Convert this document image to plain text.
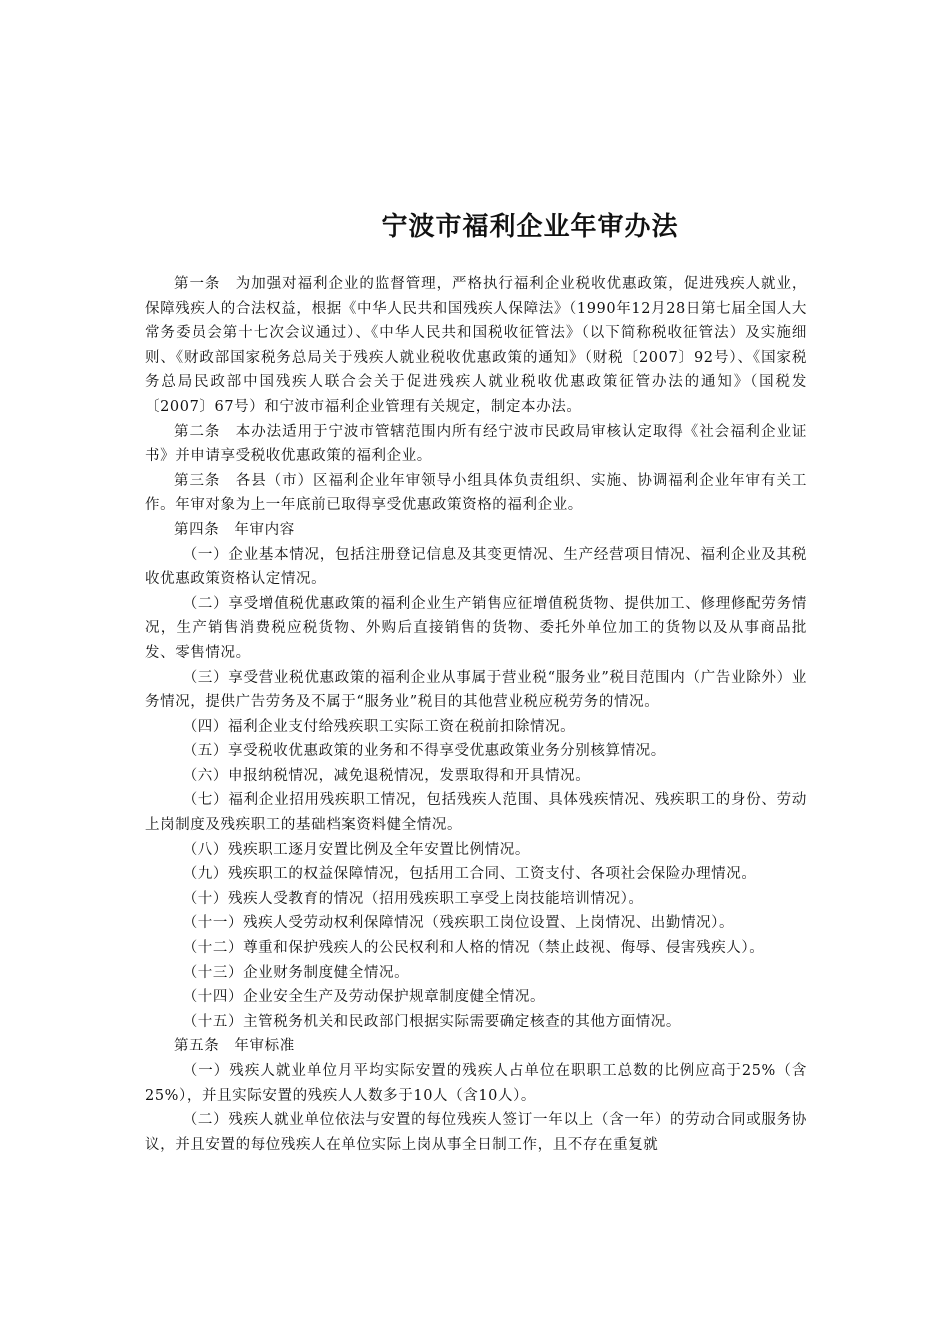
宁波市福利企业年审办法

第一条　为加强对福利企业的监督管理，严格执行福利企业税收优惠政策，促进残疾人就业，保障残疾人的合法权益，根据《中华人民共和国残疾人保障法》（1990年12月28日第七届全国人大常务委员会第十七次会议通过）、《中华人民共和国税收征管法》（以下简称税收征管法）及实施细则、《财政部国家税务总局关于残疾人就业税收优惠政策的通知》（财税〔2007〕92号）、《国家税务总局民政部中国残疾人联合会关于促进残疾人就业税收优惠政策征管办法的通知》（国税发〔2007〕67号）和宁波市福利企业管理有关规定，制定本办法。

第二条　本办法适用于宁波市管辖范围内所有经宁波市民政局审核认定取得《社会福利企业证书》并申请享受税收优惠政策的福利企业。

第三条　各县（市）区福利企业年审领导小组具体负责组织、实施、协调福利企业年审有关工作。年审对象为上一年底前已取得享受优惠政策资格的福利企业。

第四条　年审内容

（一）企业基本情况，包括注册登记信息及其变更情况、生产经营项目情况、福利企业及其税收优惠政策资格认定情况。

（二）享受增值税优惠政策的福利企业生产销售应征增值税货物、提供加工、修理修配劳务情况，生产销售消费税应税货物、外购后直接销售的货物、委托外单位加工的货物以及从事商品批发、零售情况。

（三）享受营业税优惠政策的福利企业从事属于营业税“服务业”税目范围内（广告业除外）业务情况，提供广告劳务及不属于“服务业”税目的其他营业税应税劳务的情况。

（四）福利企业支付给残疾职工实际工资在税前扣除情况。

（五）享受税收优惠政策的业务和不得享受优惠政策业务分别核算情况。

（六）申报纳税情况，减免退税情况，发票取得和开具情况。

（七）福利企业招用残疾职工情况，包括残疾人范围、具体残疾情况、残疾职工的身份、劳动上岗制度及残疾职工的基础档案资料健全情况。

（八）残疾职工逐月安置比例及全年安置比例情况。

（九）残疾职工的权益保障情况，包括用工合同、工资支付、各项社会保险办理情况。

（十）残疾人受教育的情况（招用残疾职工享受上岗技能培训情况）。

（十一）残疾人受劳动权利保障情况（残疾职工岗位设置、上岗情况、出勤情况）。

（十二）尊重和保护残疾人的公民权利和人格的情况（禁止歧视、侮辱、侵害残疾人）。

（十三）企业财务制度健全情况。

（十四）企业安全生产及劳动保护规章制度健全情况。

（十五）主管税务机关和民政部门根据实际需要确定核查的其他方面情况。

第五条　年审标准

（一）残疾人就业单位月平均实际安置的残疾人占单位在职职工总数的比例应高于25%（含25%），并且实际安置的残疾人人数多于10人（含10人）。

（二）残疾人就业单位依法与安置的每位残疾人签订一年以上（含一年）的劳动合同或服务协议，并且安置的每位残疾人在单位实际上岗从事全日制工作，且不存在重复就
